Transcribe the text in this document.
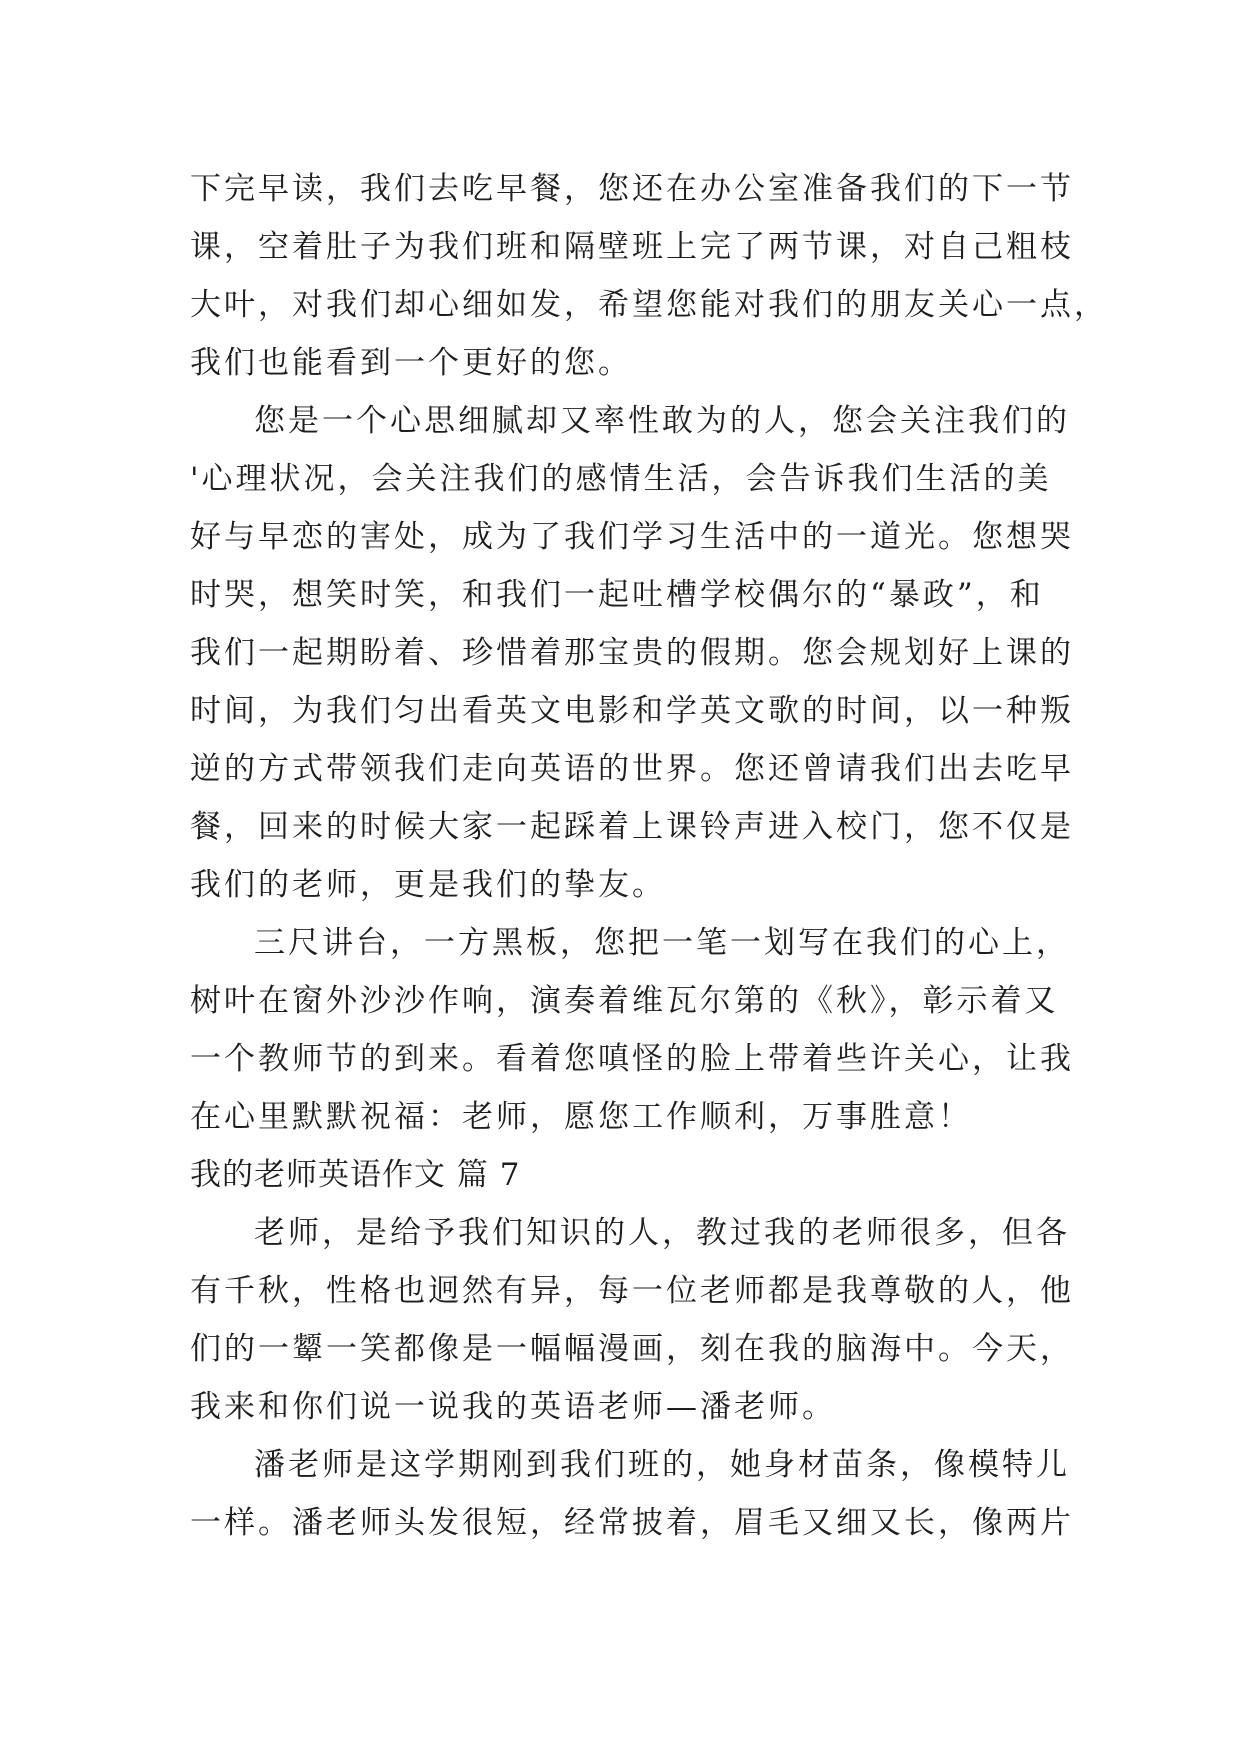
下完早读，我们去吃早餐，您还在办公室准备我们的下一节
课，空着肚子为我们班和隔壁班上完了两节课，对自己粗枝
大叶，对我们却心细如发，希望您能对我们的朋友关心一点，
我们也能看到一个更好的您。
您是一个心思细腻却又率性敢为的人，您会关注我们的
'心理状况，会关注我们的感情生活，会告诉我们生活的美
好与早恋的害处，成为了我们学习生活中的一道光。您想哭
时哭，想笑时笑，和我们一起吐槽学校偶尔的“暴政”，和
我们一起期盼着、珍惜着那宝贵的假期。您会规划好上课的
时间，为我们匀出看英文电影和学英文歌的时间，以一种叛
逆的方式带领我们走向英语的世界。您还曾请我们出去吃早
餐，回来的时候大家一起踩着上课铃声进入校门，您不仅是
我们的老师，更是我们的挚友。
三尺讲台，一方黑板，您把一笔一划写在我们的心上，
树叶在窗外沙沙作响，演奏着维瓦尔第的《秋》，彰示着又
一个教师节的到来。看着您嗔怪的脸上带着些许关心，让我
在心里默默祝福：老师，愿您工作顺利，万事胜意！
我的老师英语作文 篇 7
老师，是给予我们知识的人，教过我的老师很多，但各
有千秋，性格也迥然有异，每一位老师都是我尊敬的人，他
们的一颦一笑都像是一幅幅漫画，刻在我的脑海中。今天，
我来和你们说一说我的英语老师—潘老师。
潘老师是这学期刚到我们班的，她身材苗条，像模特儿
一样。潘老师头发很短，经常披着，眉毛又细又长，像两片
